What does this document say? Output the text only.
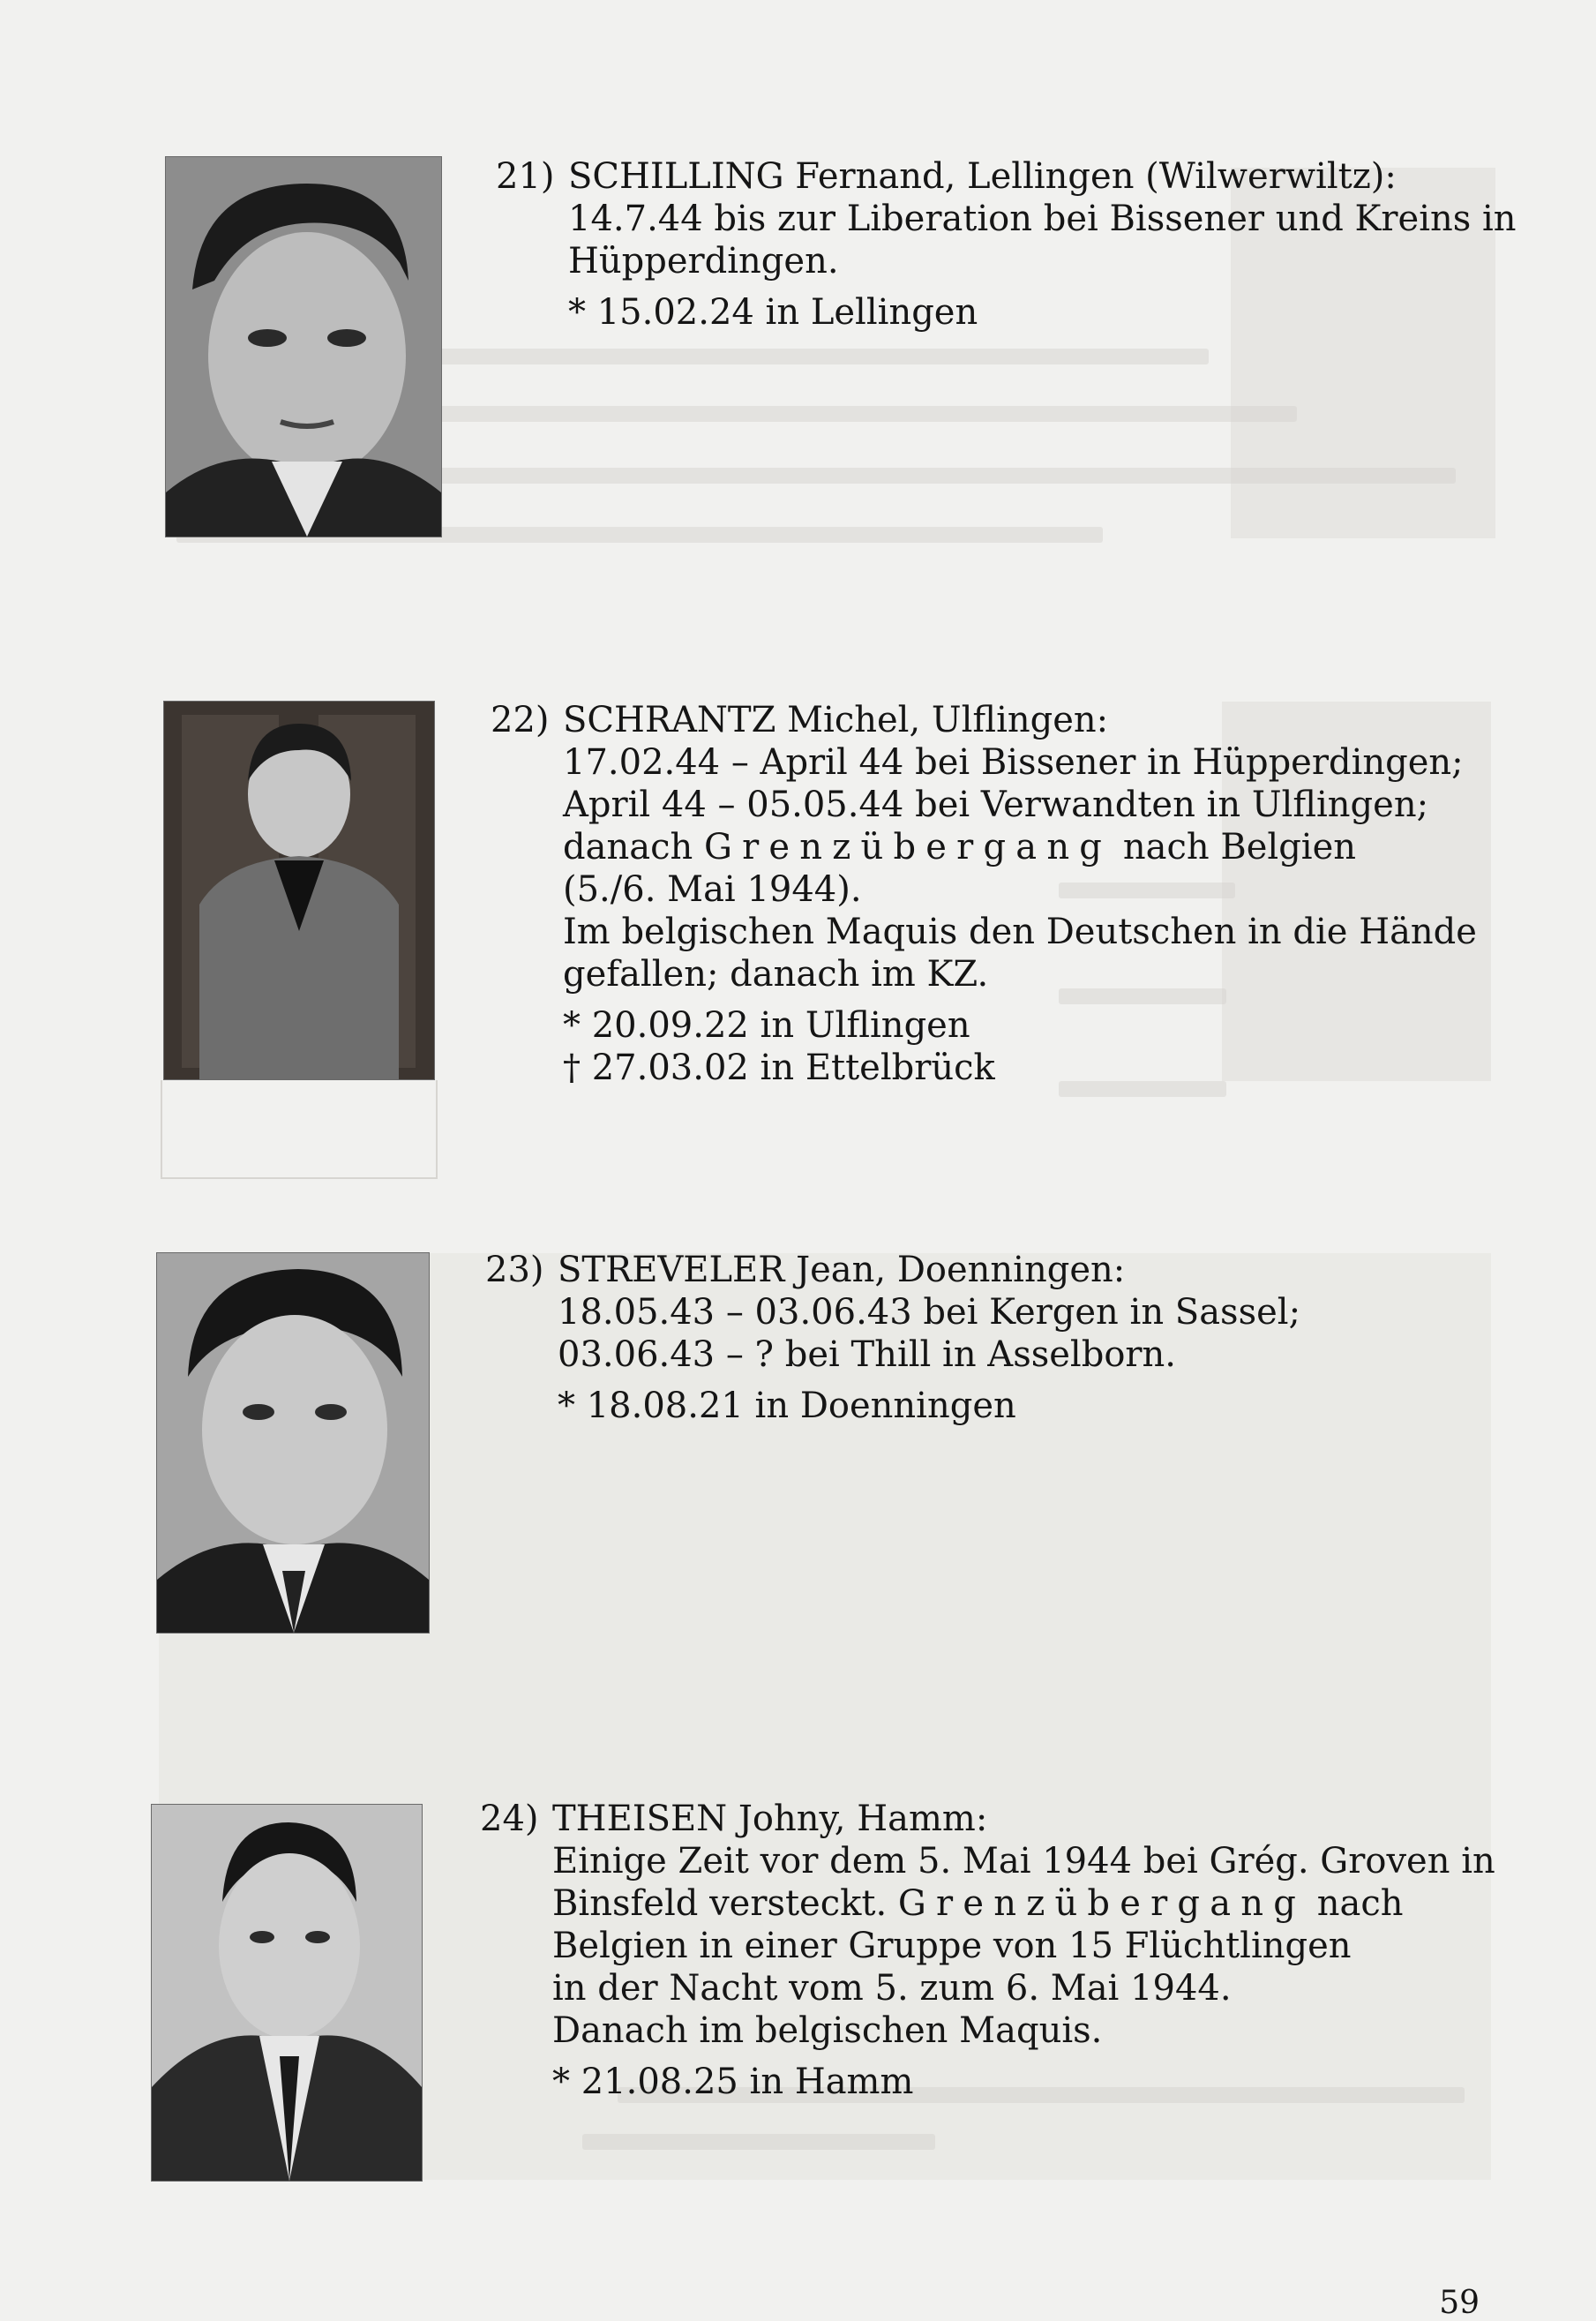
21) SCHILLING Fernand, Lellingen (Wilwerwiltz):

14.7.44 bis zur Liberation bei Bissener und Kreins in

Hüpperdingen.

* 15.02.24 in Lellingen

22) SCHRANTZ Michel, Ulflingen:

17.02.44 – April 44 bei Bissener in Hüpperdingen;

April 44 – 05.05.44 bei Verwandten in Ulflingen;

danach Grenzübergang nach Belgien

(5./6. Mai 1944).

Im belgischen Maquis den Deutschen in die Hände

gefallen; danach im KZ.

* 20.09.22 in Ulflingen

† 27.03.02 in Ettelbrück

23) STREVELER Jean, Doenningen:

18.05.43 – 03.06.43 bei Kergen in Sassel;

03.06.43 – ? bei Thill in Asselborn.

* 18.08.21 in Doenningen

24) THEISEN Johny, Hamm:

Einige Zeit vor dem 5. Mai 1944 bei Grég. Groven in

Binsfeld versteckt. Grenzübergang nach

Belgien in einer Gruppe von 15 Flüchtlingen

in der Nacht vom 5. zum 6. Mai 1944.

Danach im belgischen Maquis.

* 21.08.25 in Hamm

59
